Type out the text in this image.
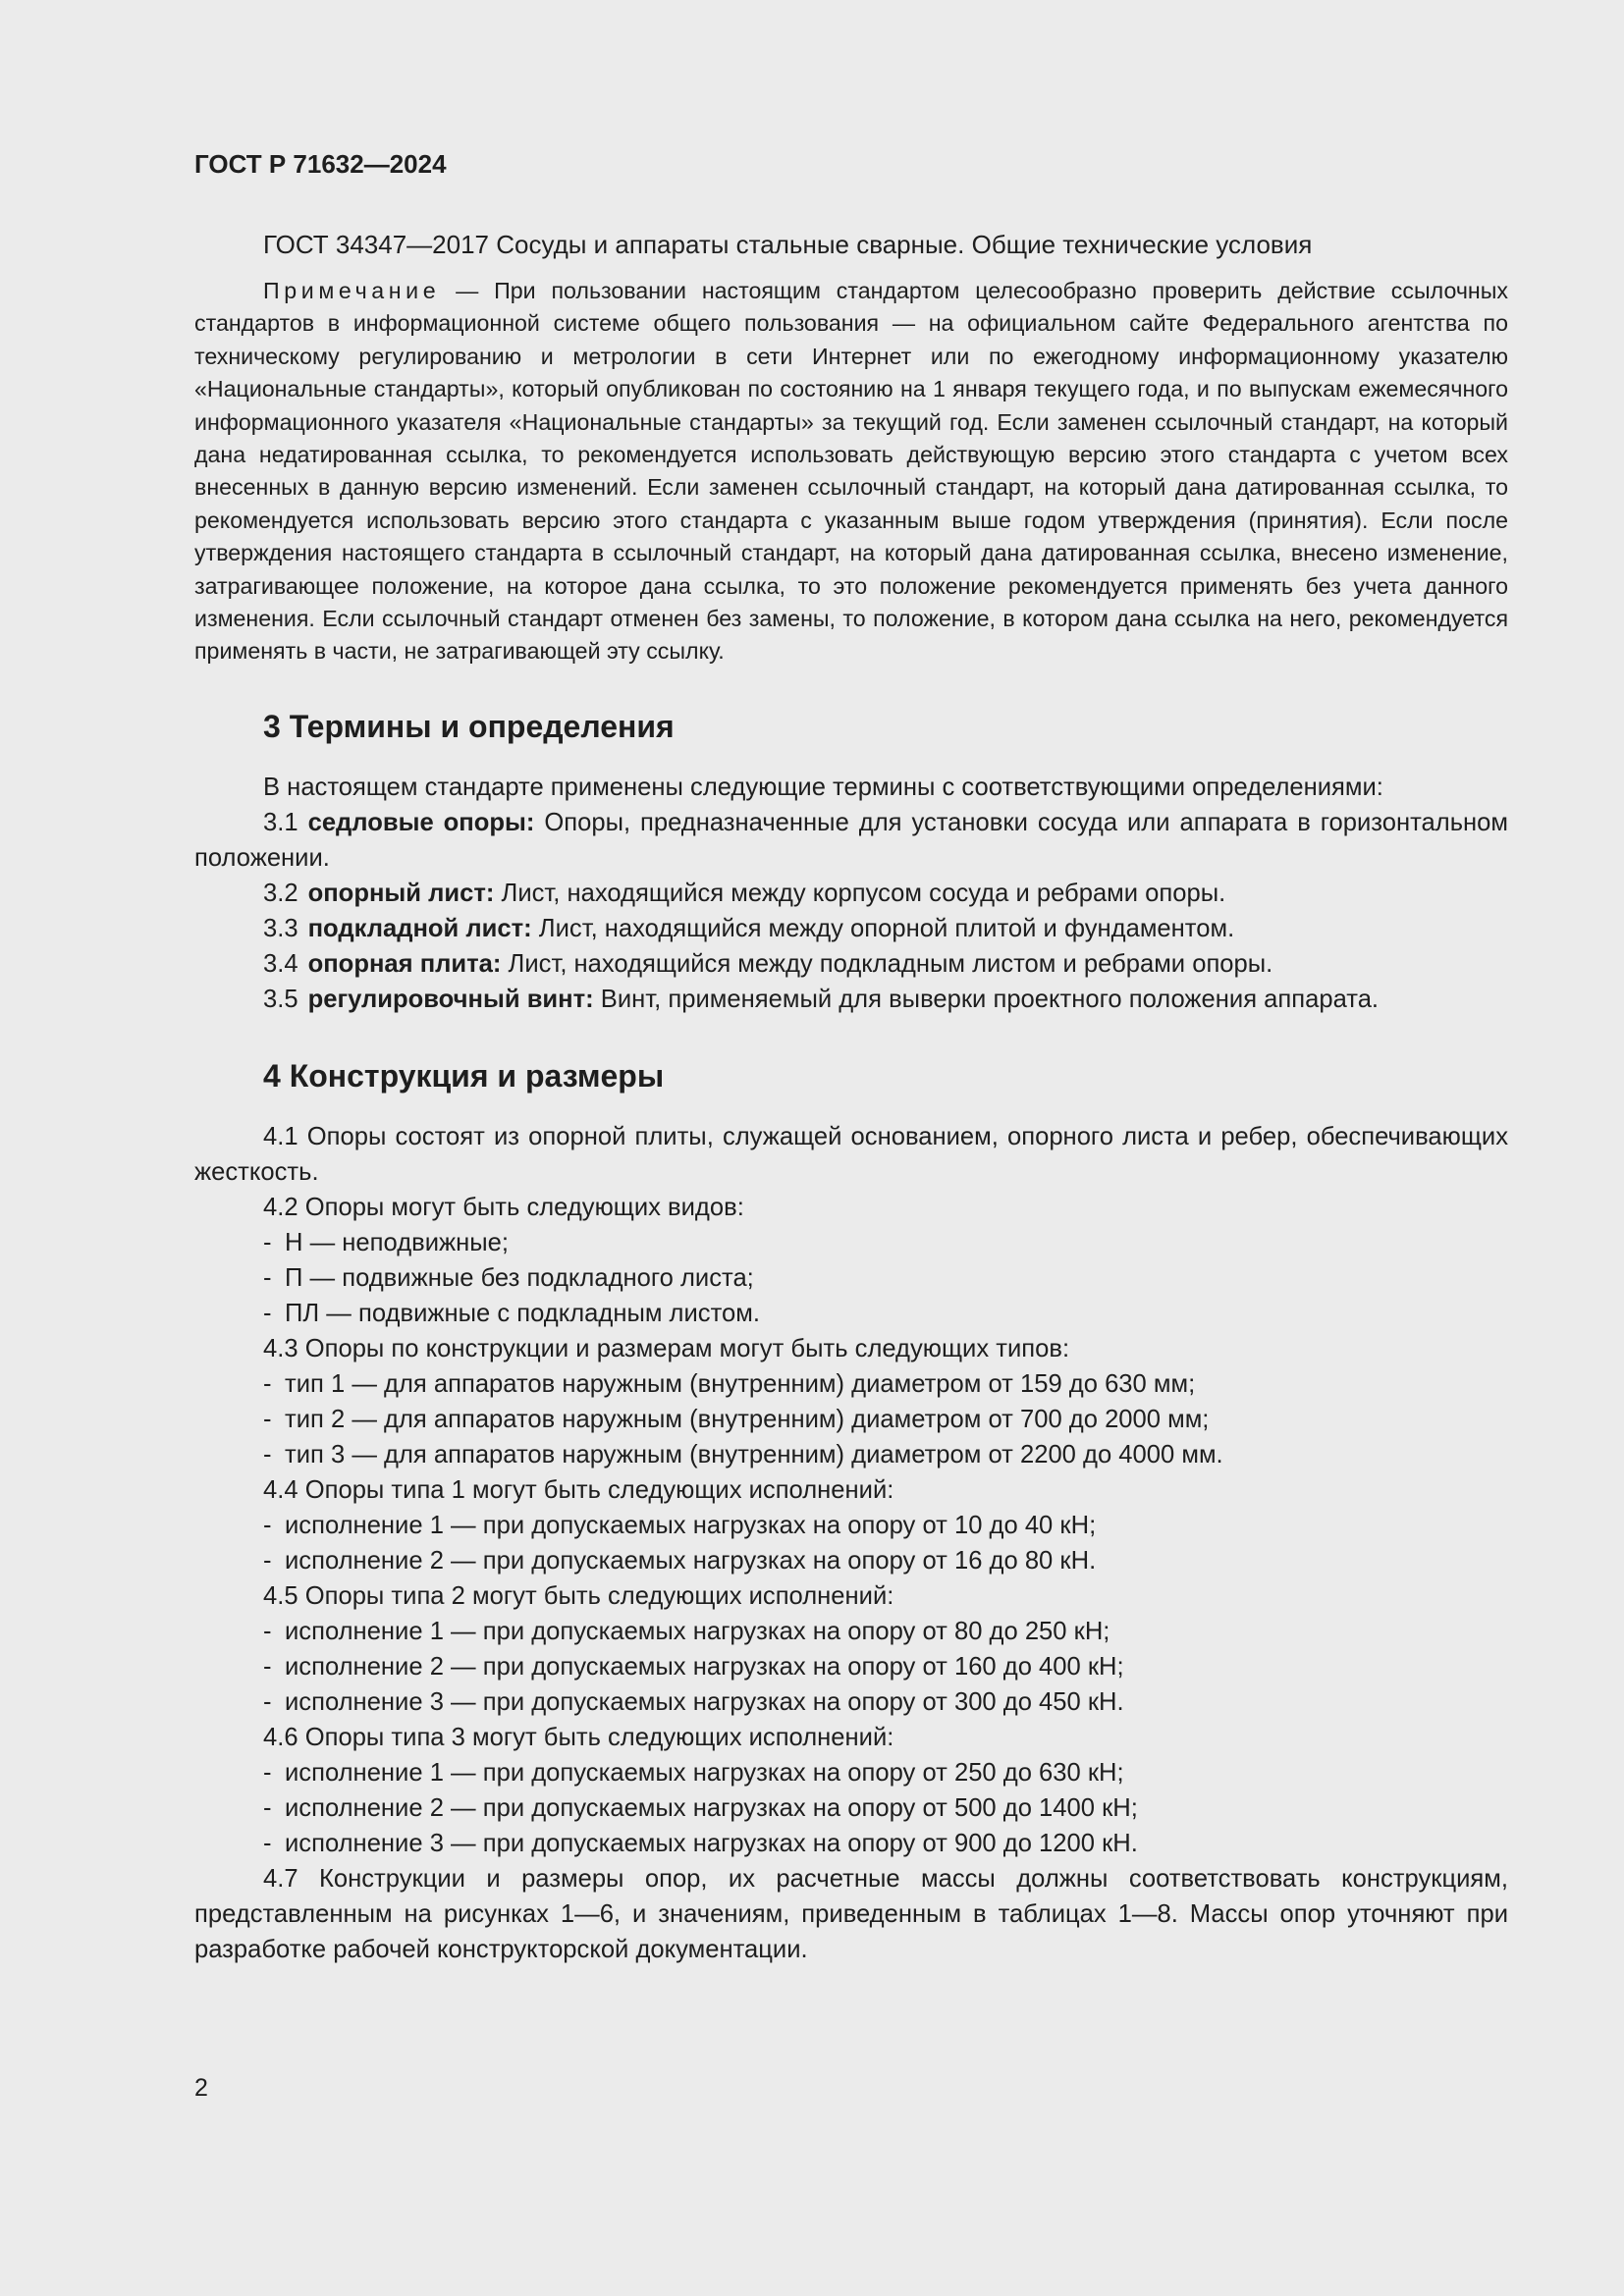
ГОСТ Р 71632—2024

ГОСТ 34347—2017 Сосуды и аппараты стальные сварные. Общие технические условия

Примечание — При пользовании настоящим стандартом целесообразно проверить действие ссылочных стандартов в информационной системе общего пользования — на официальном сайте Федерального агентства по техническому регулированию и метрологии в сети Интернет или по ежегодному информационному указателю «Национальные стандарты», который опубликован по состоянию на 1 января текущего года, и по выпускам ежемесячного информационного указателя «Национальные стандарты» за текущий год. Если заменен ссылочный стандарт, на который дана недатированная ссылка, то рекомендуется использовать действующую версию этого стандарта с учетом всех внесенных в данную версию изменений. Если заменен ссылочный стандарт, на который дана датированная ссылка, то рекомендуется использовать версию этого стандарта с указанным выше годом утверждения (принятия). Если после утверждения настоящего стандарта в ссылочный стандарт, на который дана датированная ссылка, внесено изменение, затрагивающее положение, на которое дана ссылка, то это положение рекомендуется применять без учета данного изменения. Если ссылочный стандарт отменен без замены, то положение, в котором дана ссылка на него, рекомендуется применять в части, не затрагивающей эту ссылку.

3 Термины и определения

В настоящем стандарте применены следующие термины с соответствующими определениями:

3.1 седловые опоры: Опоры, предназначенные для установки сосуда или аппарата в горизонтальном положении.

3.2 опорный лист: Лист, находящийся между корпусом сосуда и ребрами опоры.

3.3 подкладной лист: Лист, находящийся между опорной плитой и фундаментом.

3.4 опорная плита: Лист, находящийся между подкладным листом и ребрами опоры.

3.5 регулировочный винт: Винт, применяемый для выверки проектного положения аппарата.

4 Конструкция и размеры

4.1 Опоры состоят из опорной плиты, служащей основанием, опорного листа и ребер, обеспечивающих жесткость.

4.2 Опоры могут быть следующих видов:

- Н — неподвижные;

- П — подвижные без подкладного листа;

- ПЛ — подвижные с подкладным листом.

4.3 Опоры по конструкции и размерам могут быть следующих типов:

- тип 1 — для аппаратов наружным (внутренним) диаметром от 159 до 630 мм;

- тип 2 — для аппаратов наружным (внутренним) диаметром от 700 до 2000 мм;

- тип 3 — для аппаратов наружным (внутренним) диаметром от 2200 до 4000 мм.

4.4 Опоры типа 1 могут быть следующих исполнений:

- исполнение 1 — при допускаемых нагрузках на опору от 10 до 40 кН;

- исполнение 2 — при допускаемых нагрузках на опору от 16 до 80 кН.

4.5 Опоры типа 2 могут быть следующих исполнений:

- исполнение 1 — при допускаемых нагрузках на опору от 80 до 250 кН;

- исполнение 2 — при допускаемых нагрузках на опору от 160 до 400 кН;

- исполнение 3 — при допускаемых нагрузках на опору от 300 до 450 кН.

4.6 Опоры типа 3 могут быть следующих исполнений:

- исполнение 1 — при допускаемых нагрузках на опору от 250 до 630 кН;

- исполнение 2 — при допускаемых нагрузках на опору от 500 до 1400 кН;

- исполнение 3 — при допускаемых нагрузках на опору от 900 до 1200 кН.

4.7 Конструкции и размеры опор, их расчетные массы должны соответствовать конструкциям, представленным на рисунках 1—6, и значениям, приведенным в таблицах 1—8. Массы опор уточняют при разработке рабочей конструкторской документации.

2
